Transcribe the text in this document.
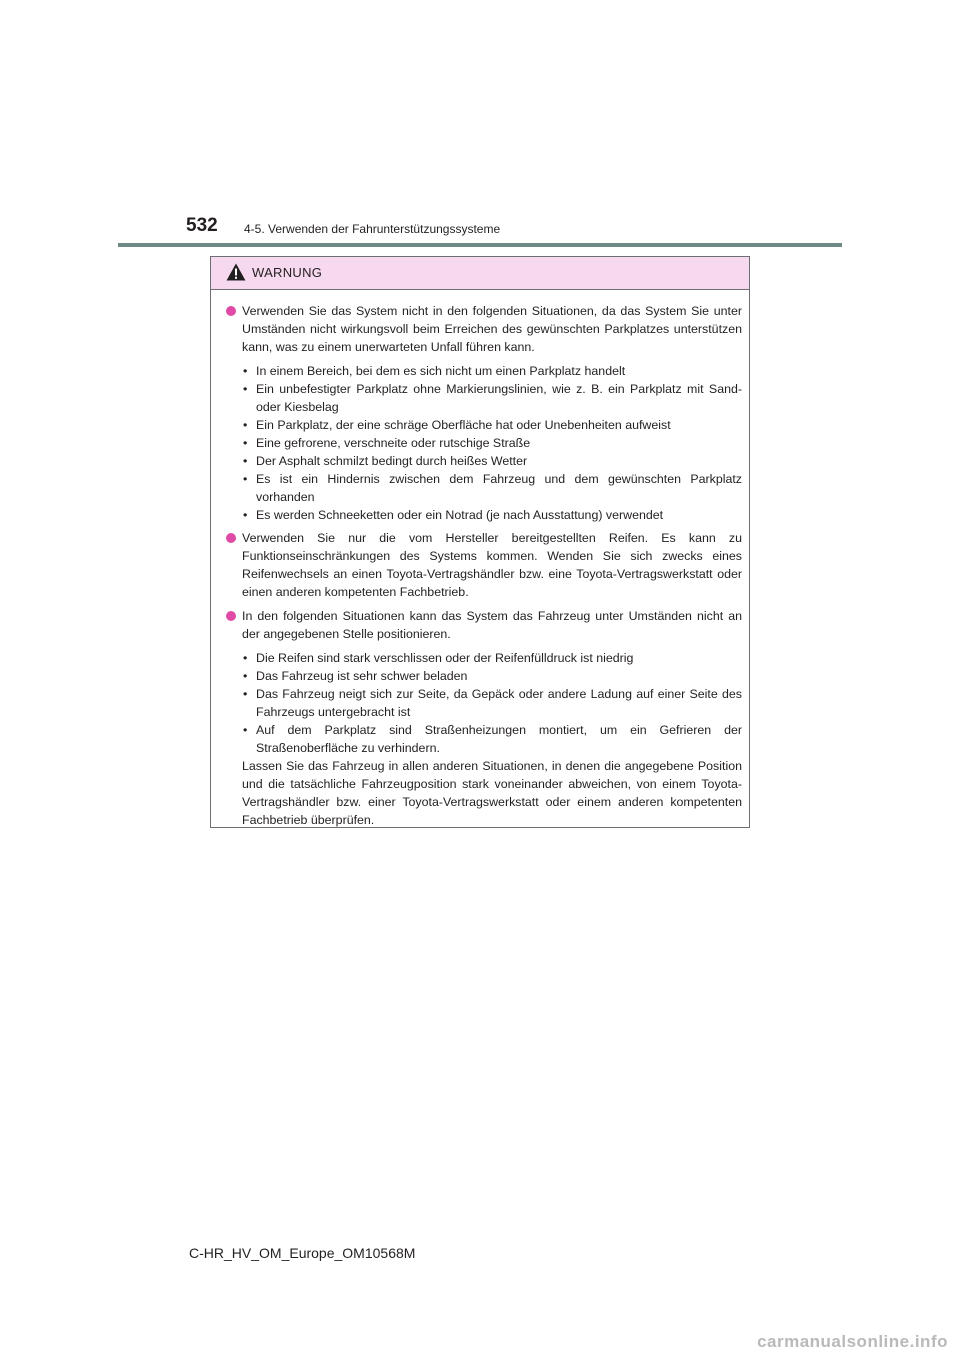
532 4-5. Verwenden der Fahrunterstützungssysteme
WARNUNG

Verwenden Sie das System nicht in den folgenden Situationen, da das System Sie unter Umständen nicht wirkungsvoll beim Erreichen des gewünschten Parkplatzes unterstützen kann, was zu einem unerwarteten Unfall führen kann.

• In einem Bereich, bei dem es sich nicht um einen Parkplatz handelt
• Ein unbefestigter Parkplatz ohne Markierungslinien, wie z. B. ein Parkplatz mit Sand- oder Kiesbelag
• Ein Parkplatz, der eine schräge Oberfläche hat oder Unebenheiten aufweist
• Eine gefrorene, verschneite oder rutschige Straße
• Der Asphalt schmilzt bedingt durch heißes Wetter
• Es ist ein Hindernis zwischen dem Fahrzeug und dem gewünschten Parkplatz vorhanden
• Es werden Schneeketten oder ein Notrad (je nach Ausstattung) verwendet

Verwenden Sie nur die vom Hersteller bereitgestellten Reifen. Es kann zu Funktionseinschränkungen des Systems kommen. Wenden Sie sich zwecks eines Reifenwechsels an einen Toyota-Vertragshändler bzw. eine Toyota-Vertragswerkstatt oder einen anderen kompetenten Fachbetrieb.

In den folgenden Situationen kann das System das Fahrzeug unter Umständen nicht an der angegebenen Stelle positionieren.

• Die Reifen sind stark verschlissen oder der Reifenfülldruck ist niedrig
• Das Fahrzeug ist sehr schwer beladen
• Das Fahrzeug neigt sich zur Seite, da Gepäck oder andere Ladung auf einer Seite des Fahrzeugs untergebracht ist
• Auf dem Parkplatz sind Straßenheizungen montiert, um ein Gefrieren der Straßenoberfläche zu verhindern.

Lassen Sie das Fahrzeug in allen anderen Situationen, in denen die angegebene Position und die tatsächliche Fahrzeugposition stark voneinander abweichen, von einem Toyota-Vertragshändler bzw. einer Toyota-Vertragswerkstatt oder einem anderen kompetenten Fachbetrieb überprüfen.

C-HR_HV_OM_Europe_OM10568M
carmanualsonline.info
